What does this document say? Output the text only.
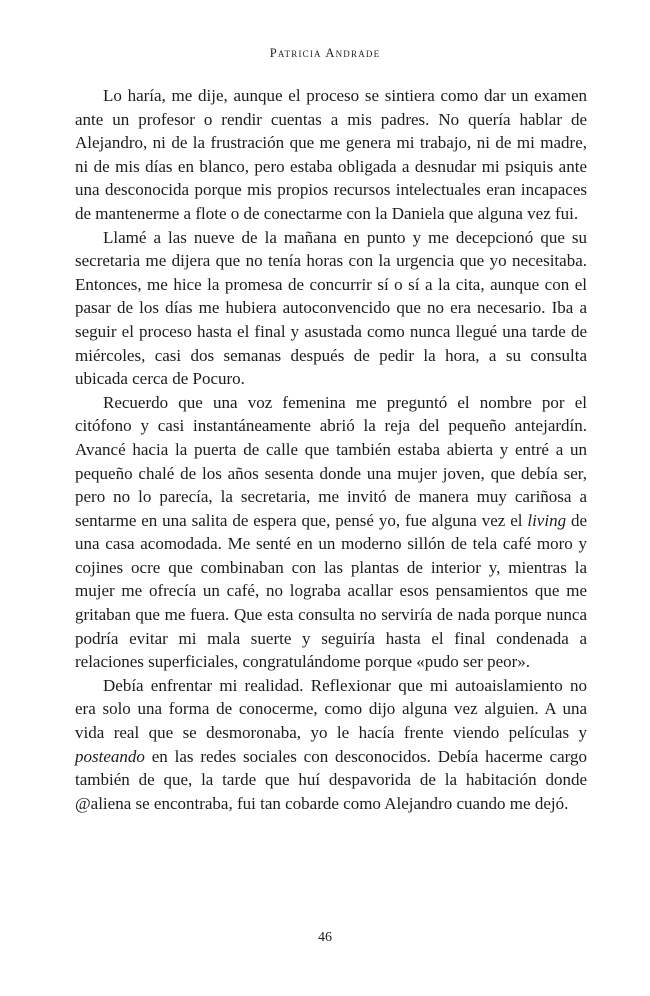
Patricia Andrade

Lo haría, me dije, aunque el proceso se sintiera como dar un examen ante un profesor o rendir cuentas a mis padres. No quería hablar de Alejandro, ni de la frustración que me genera mi trabajo, ni de mi madre, ni de mis días en blanco, pero estaba obligada a desnudar mi psiquis ante una desconocida porque mis propios recursos intelectuales eran incapaces de mantenerme a flote o de conectarme con la Daniela que alguna vez fui.

Llamé a las nueve de la mañana en punto y me decepcionó que su secretaria me dijera que no tenía horas con la urgencia que yo necesitaba. Entonces, me hice la promesa de concurrir sí o sí a la cita, aunque con el pasar de los días me hubiera autoconvencido que no era necesario. Iba a seguir el proceso hasta el final y asustada como nunca llegué una tarde de miércoles, casi dos semanas después de pedir la hora, a su consulta ubicada cerca de Pocuro.

Recuerdo que una voz femenina me preguntó el nombre por el citófono y casi instantáneamente abrió la reja del pequeño antejardín. Avancé hacia la puerta de calle que también estaba abierta y entré a un pequeño chalé de los años sesenta donde una mujer joven, que debía ser, pero no lo parecía, la secretaria, me invitó de manera muy cariñosa a sentarme en una salita de espera que, pensé yo, fue alguna vez el living de una casa acomodada. Me senté en un moderno sillón de tela café moro y cojines ocre que combinaban con las plantas de interior y, mientras la mujer me ofrecía un café, no lograba acallar esos pensamientos que me gritaban que me fuera. Que esta consulta no serviría de nada porque nunca podría evitar mi mala suerte y seguiría hasta el final condenada a relaciones superficiales, congratulándome porque «pudo ser peor».

Debía enfrentar mi realidad. Reflexionar que mi autoaislamiento no era solo una forma de conocerme, como dijo alguna vez alguien. A una vida real que se desmoronaba, yo le hacía frente viendo películas y posteando en las redes sociales con desconocidos. Debía hacerme cargo también de que, la tarde que huí despavorida de la habitación donde @aliena se encontraba, fui tan cobarde como Alejandro cuando me dejó.

46
